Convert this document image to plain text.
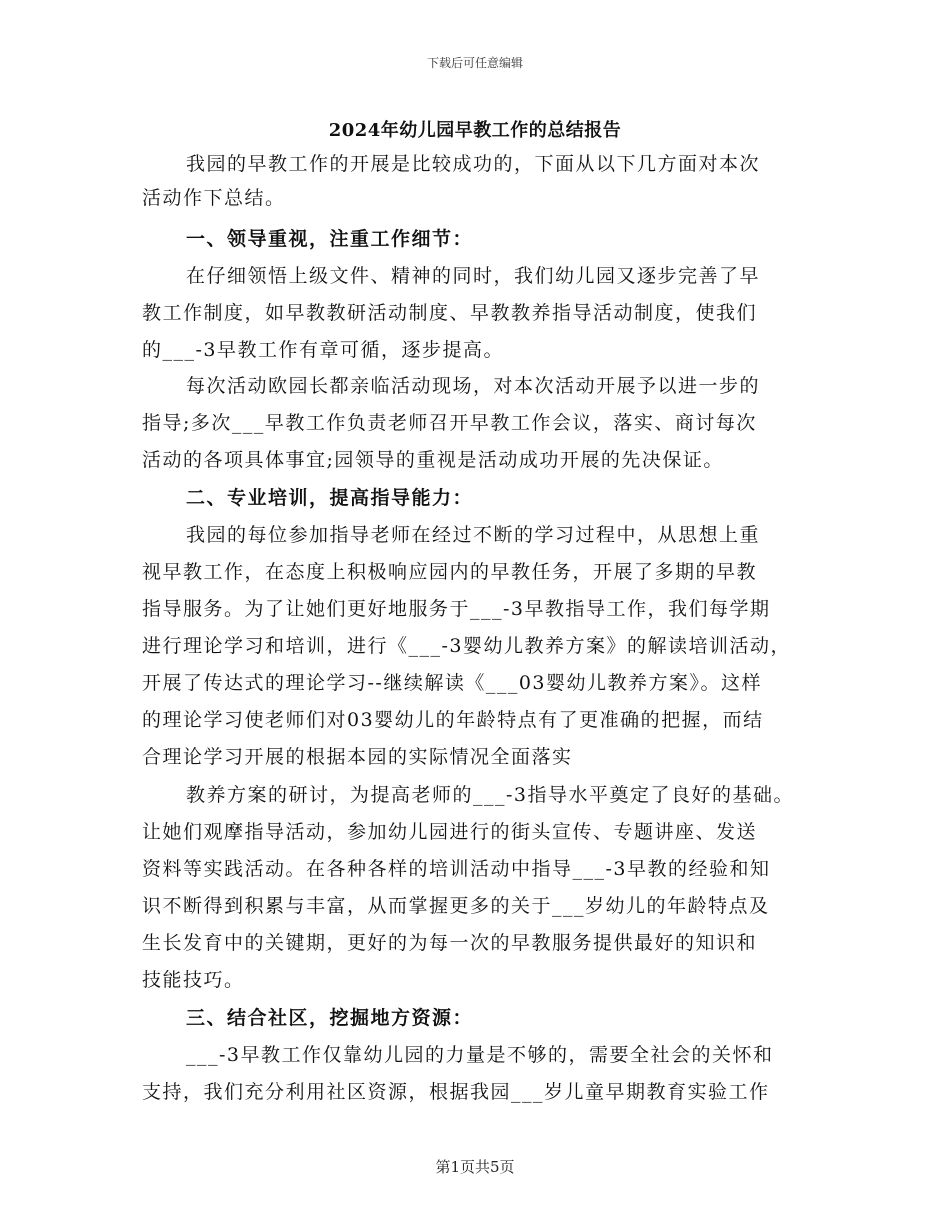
下载后可任意编辑
2024年幼儿园早教工作的总结报告
我园的早教工作的开展是比较成功的，下面从以下几方面对本次
活动作下总结。
一、领导重视，注重工作细节：
在仔细领悟上级文件、精神的同时，我们幼儿园又逐步完善了早
教工作制度，如早教教研活动制度、早教教养指导活动制度，使我们
的___-3早教工作有章可循，逐步提高。
每次活动欧园长都亲临活动现场，对本次活动开展予以进一步的
指导;多次___早教工作负责老师召开早教工作会议，落实、商讨每次
活动的各项具体事宜;园领导的重视是活动成功开展的先决保证。
二、专业培训，提高指导能力：
我园的每位参加指导老师在经过不断的学习过程中，从思想上重
视早教工作，在态度上积极响应园内的早教任务，开展了多期的早教
指导服务。为了让她们更好地服务于___-3早教指导工作，我们每学期
进行理论学习和培训，进行《___-3婴幼儿教养方案》的解读培训活动，
开展了传达式的理论学习--继续解读《___03婴幼儿教养方案》。这样
的理论学习使老师们对03婴幼儿的年龄特点有了更准确的把握，而结
合理论学习开展的根据本园的实际情况全面落实
教养方案的研讨，为提高老师的___-3指导水平奠定了良好的基础。
让她们观摩指导活动，参加幼儿园进行的街头宣传、专题讲座、发送
资料等实践活动。在各种各样的培训活动中指导___-3早教的经验和知
识不断得到积累与丰富，从而掌握更多的关于___岁幼儿的年龄特点及
生长发育中的关键期，更好的为每一次的早教服务提供最好的知识和
技能技巧。
三、结合社区，挖掘地方资源：
___-3早教工作仅靠幼儿园的力量是不够的，需要全社会的关怀和
支持，我们充分利用社区资源，根据我园___岁儿童早期教育实验工作
第1页共5页
